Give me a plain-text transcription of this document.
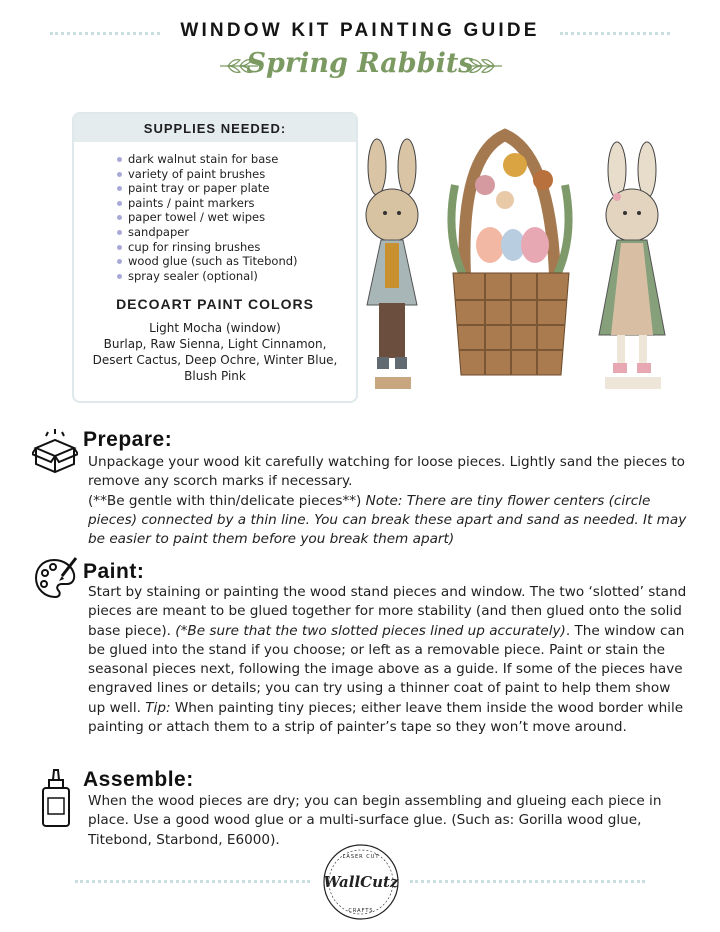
WINDOW KIT PAINTING GUIDE
Spring Rabbits
SUPPLIES NEEDED:
dark walnut stain for base
variety of paint brushes
paint tray or paper plate
paints / paint markers
paper towel / wet wipes
sandpaper
cup for rinsing brushes
wood glue (such as Titebond)
spray sealer (optional)
DECOART PAINT COLORS
Light Mocha (window)
Burlap, Raw Sienna, Light Cinnamon,
Desert Cactus, Deep Ochre, Winter Blue,
Blush Pink
Prepare:
Unpackage your wood kit carefully watching for loose pieces. Lightly sand the pieces to remove any scorch marks if necessary.
(**Be gentle with thin/delicate pieces**) Note: There are tiny flower centers (circle pieces) connected by a thin line. You can break these apart and sand as needed. It may be easier to paint them before you break them apart)
Paint:
Start by staining or painting the wood stand pieces and window. The two ‘slotted’ stand pieces are meant to be glued together for more stability (and then glued onto the solid base piece). (*Be sure that the two slotted pieces lined up accurately). The window can be glued into the stand if you choose; or left as a removable piece. Paint or stain the seasonal pieces next, following the image above as a guide. If some of the pieces have engraved lines or details; you can try using a thinner coat of paint to help them show up well. Tip: When painting tiny pieces; either leave them inside the wood border while painting or attach them to a strip of painter’s tape so they won’t move around.
Assemble:
When the wood pieces are dry; you can begin assembling and glueing each piece in place. Use a good wood glue or a multi-surface glue. (Such as: Gorilla wood glue, Titebond, Starbond, E6000).
LASER CUT
WallCutz
CRAFTS
